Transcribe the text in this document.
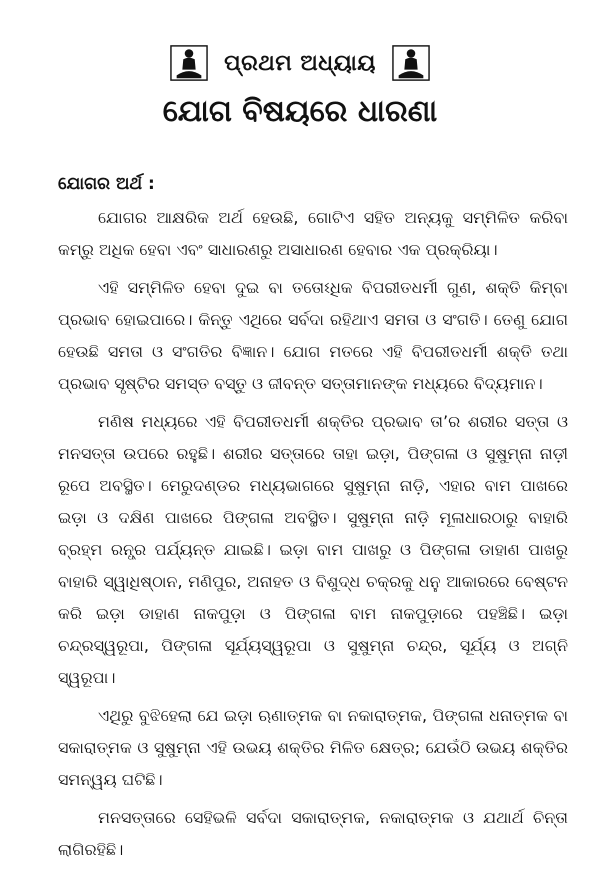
ପ୍ରଥମ ଅଧ୍ୟାୟ
ଯୋଗ ବିଷୟରେ ଧାରଣା

ଯୋଗର ଅର୍ଥ :

ଯୋଗର ଆକ୍ଷରିକ ଅର୍ଥ ହେଉଛି, ଗୋଟିଏ ସହିତ ଅନ୍ୟକୁ ସମ୍ମିଳିତ କରିବା କମ୍‌ରୁ ଅଧିକ ହେବା ଏବଂ ସାଧାରଣରୁ ଅସାଧାରଣ ହେବାର ଏକ ପ୍ରକ୍ରିୟା।

ଏହି ସମ୍ମିଳିତ ହେବା ଦୁଇ ବା ତତୋଽଧିକ ବିପରୀତଧର୍ମୀ ଗୁଣ, ଶକ୍ତି କିମ୍ବା ପ୍ରଭାବ ହୋଇପାରେ। କିନ୍ତୁ ଏଥିରେ ସର୍ବଦା ରହିଥାଏ ସମତା ଓ ସଂଗତି। ତେଣୁ ଯୋଗ ହେଉଛି ସମତା ଓ ସଂଗତିର ବିଜ୍ଞାନ। ଯୋଗ ମତରେ ଏହି ବିପରୀତଧର୍ମୀ ଶକ୍ତି ତଥା ପ୍ରଭାବ ସୃଷ୍ଟିର ସମସ୍ତ ବସ୍ତୁ ଓ ଜୀବନ୍ତ ସତ୍ତାମାନଙ୍କ ମଧ୍ୟରେ ବିଦ୍ୟମାନ।

ମଣିଷ ମଧ୍ୟରେ ଏହି ବିପରୀତଧର୍ମୀ ଶକ୍ତିର ପ୍ରଭାବ ତା’ର ଶରୀର ସତ୍ତା ଓ ମନସତ୍ତା ଉପରେ ରହୁଛି। ଶରୀର ସତ୍ତାରେ ତାହା ଇଡ଼ା, ପିଙ୍ଗଳା ଓ ସୁଷୁମ୍ନା ନାଡ଼ୀ ରୂପେ ଅବସ୍ଥିତ। ମେରୁଦଣ୍ଡର ମଧ୍ୟଭାଗରେ ସୁଷୁମ୍ନା ନାଡ଼ି, ଏହାର ବାମ ପାଖରେ ଇଡ଼ା ଓ ଦକ୍ଷିଣ ପାଖରେ ପିଙ୍ଗଳା ଅବସ୍ଥିତ। ସୁଷୁମ୍ନା ନାଡ଼ି ମୂଳାଧାରଠାରୁ ବାହାରି ବ୍ରହ୍ମ ରନ୍ଧ୍ର ପର୍ଯ୍ୟନ୍ତ ଯାଇଛି। ଇଡ଼ା ବାମ ପାଖରୁ ଓ ପିଙ୍ଗଳା ଡାହାଣ ପାଖରୁ ବାହାରି ସ୍ୱାଧିଷ୍ଠାନ, ମଣିପୁର, ଅନାହତ ଓ ବିଶୁଦ୍ଧ ଚକ୍ରକୁ ଧନୁ ଆକାରରେ ବେଷ୍ଟନ କରି ଇଡ଼ା ଡାହାଣ ନାକପୁଡ଼ା ଓ ପିଙ୍ଗଳା ବାମ ନାକପୁଡ଼ାରେ ପହଞ୍ଚିଛି। ଇଡ଼ା ଚନ୍ଦ୍ରସ୍ୱରୂପା, ପିଙ୍ଗଳା ସୂର୍ଯ୍ୟସ୍ୱରୂପା ଓ ସୁଷୁମ୍ନା ଚନ୍ଦ୍ର, ସୂର୍ଯ୍ୟ ଓ ଅଗ୍ନି ସ୍ୱରୂପା।

ଏଥିରୁ ବୁଝିହେଲା ଯେ ଇଡ଼ା ଋଣାତ୍ମକ ବା ନକାରାତ୍ମକ, ପିଙ୍ଗଳା ଧନାତ୍ମକ ବା ସକାରାତ୍ମକ ଓ ସୁଷୁମ୍ନା ଏହି ଉଭୟ ଶକ୍ତିର ମିଳିତ କ୍ଷେତ୍ର; ଯେଉଁଠି ଉଭୟ ଶକ୍ତିର ସମନ୍ୱୟ ଘଟିଛି।

ମନସତ୍ତାରେ ସେହିଭଳି ସର୍ବଦା ସକାରାତ୍ମକ, ନକାରାତ୍ମକ ଓ ଯଥାର୍ଥ ଚିନ୍ତା ଲାଗିରହିଛି।
